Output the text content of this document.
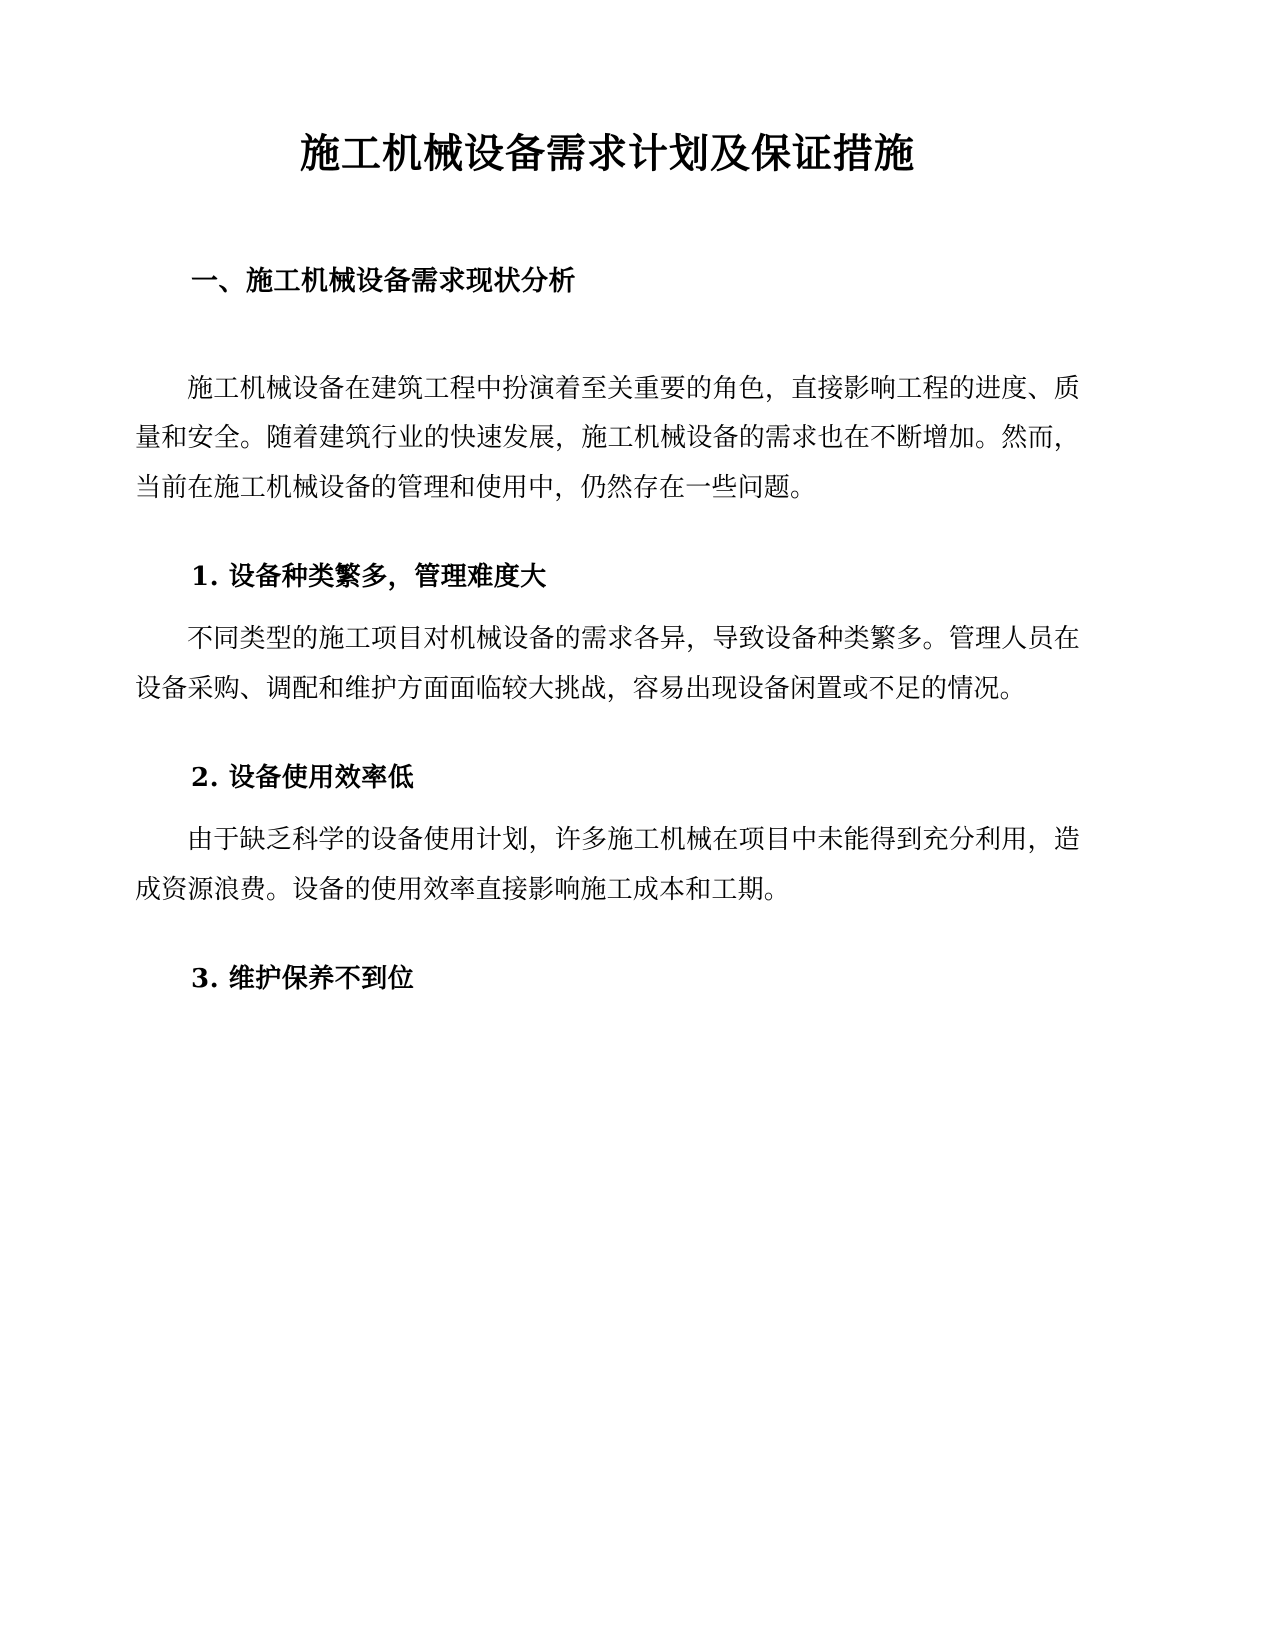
施工机械设备需求计划及保证措施
一、施工机械设备需求现状分析

施工机械设备在建筑工程中扮演着至关重要的角色，直接影响工程的进度、质量和安全。随着建筑行业的快速发展，施工机械设备的需求也在不断增加。然而，当前在施工机械设备的管理和使用中，仍然存在一些问题。

1. 设备种类繁多，管理难度大

不同类型的施工项目对机械设备的需求各异，导致设备种类繁多。管理人员在设备采购、调配和维护方面面临较大挑战，容易出现设备闲置或不足的情况。

2. 设备使用效率低

由于缺乏科学的设备使用计划，许多施工机械在项目中未能得到充分利用，造成资源浪费。设备的使用效率直接影响施工成本和工期。

3. 维护保养不到位
